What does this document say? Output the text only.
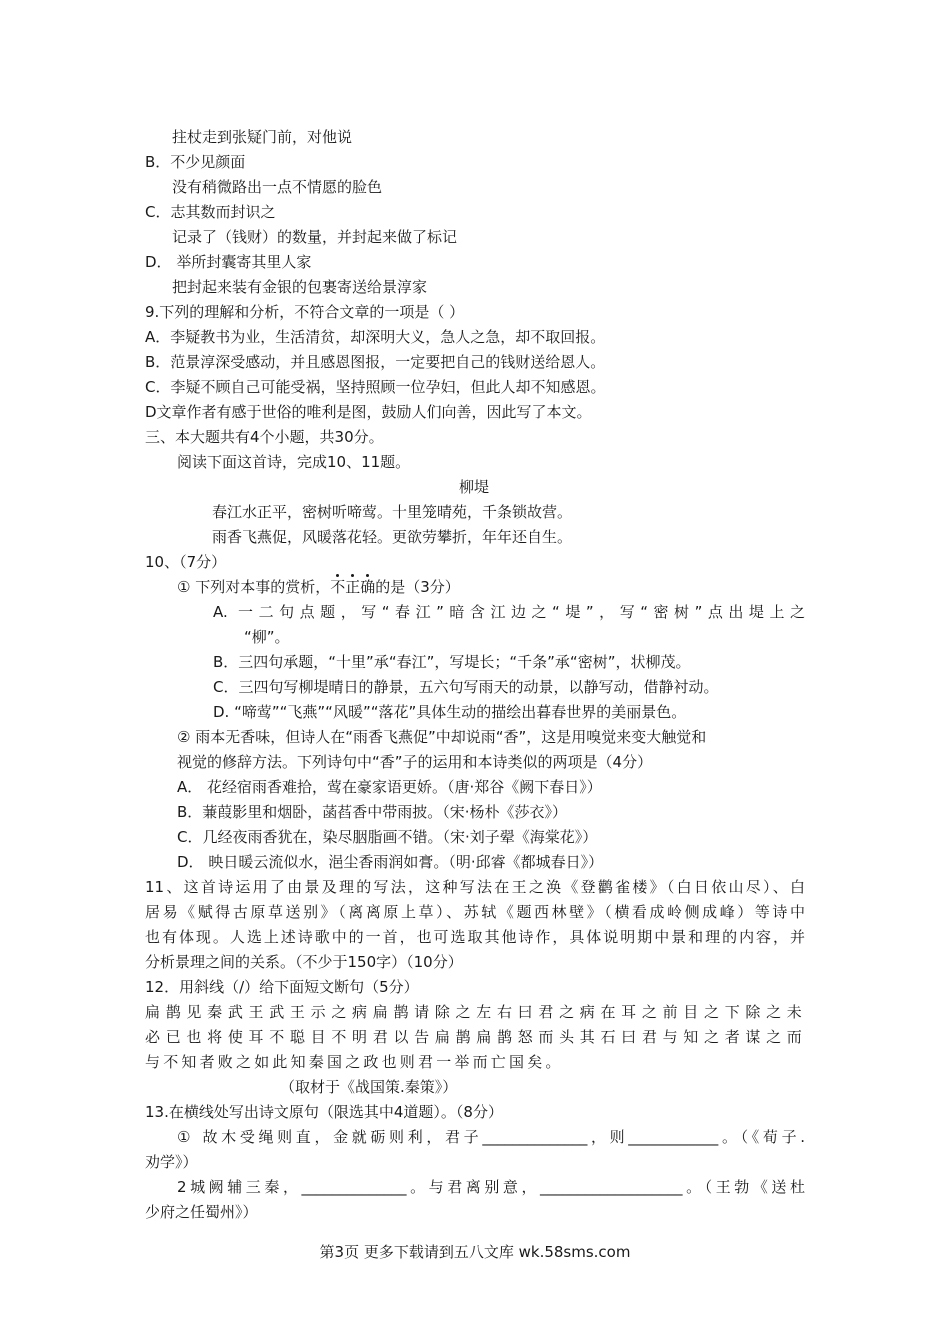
拄杖走到张疑门前，对他说
B．不少见颜面
没有稍微路出一点不情愿的脸色
C．志其数而封识之
记录了（钱财）的数量，并封起来做了标记
D． 举所封囊寄其里人家
把封起来装有金银的包裹寄送给景淳家
9.下列的理解和分析，不符合文章的一项是（ ）
A．李疑教书为业，生活清贫，却深明大义，急人之急，却不取回报。
B．范景淳深受感动，并且感恩图报，一定要把自己的钱财送给恩人。
C．李疑不顾自己可能受祸，坚持照顾一位孕妇，但此人却不知感恩。
D文章作者有感于世俗的唯利是图，鼓励人们向善，因此写了本文。
三、本大题共有4个小题，共30分。
阅读下面这首诗，完成10、11题。
柳堤
春江水正平，密树听啼莺。十里笼晴苑，千条锁故营。
雨香飞燕促，风暖落花轻。更欲劳攀折，年年还自生。
10、（7分）
① 下列对本事的赏析，不正确的是（3分）
A. 一二句点题，写“春江”暗含江边之“堤”，写“密树”点出堤上之
“柳”。
B．三四句承题，“十里”承“春江”，写堤长；“千条”承“密树”，状柳茂。
C．三四句写柳堤晴日的静景，五六句写雨天的动景，以静写动，借静衬动。
D. “啼莺”“飞燕”“风暖”“落花”具体生动的描绘出暮春世界的美丽景色。
② 雨本无香味，但诗人在“雨香飞燕促”中却说雨“香”，这是用嗅觉来变大触觉和
视觉的修辞方法。下列诗句中“香”子的运用和本诗类似的两项是（4分）
A． 花经宿雨香难拾，莺在豪家语更娇。（唐·郑谷《阙下春日》）
B．蒹葭影里和烟卧，菡萏香中带雨披。（宋·杨朴《莎衣》）
C．几经夜雨香犹在，染尽胭脂画不错。（宋·刘子翚《海棠花》）
D． 映日暖云流似水，浥尘香雨润如膏。（明·邱睿《都城春日》）
11、这首诗运用了由景及理的写法，这种写法在王之涣《登鹳雀楼》（白日依山尽）、白
居易《赋得古原草送别》（离离原上草）、苏轼《题西林壁》（横看成岭侧成峰）等诗中
也有体现。人选上述诗歌中的一首，也可选取其他诗作，具体说明期中景和理的内容，并
分析景理之间的关系。（不少于150字）（10分）
12．用斜线（/）给下面短文断句（5分）
扁鹊见秦武王武王示之病扁鹊请除之左右曰君之病在耳之前目之下除之未
必已也将使耳不聪目不明君以告扁鹊扁鹊怒而头其石曰君与知之者谋之而
与不知者败之如此知秦国之政也则君一举而亡国矣。
（取材于《战国策.秦策》）
13.在横线处写出诗文原句（限选其中4道题）。（8分）
① 故木受绳则直，金就砺则利，君子______________，则____________。（《荀子.
劝学》）
2城阙辅三秦，______________。与君离别意，___________________。（王勃《送杜
少府之任蜀州》）
第3页 更多下载请到五八文库 wk.58sms.com
